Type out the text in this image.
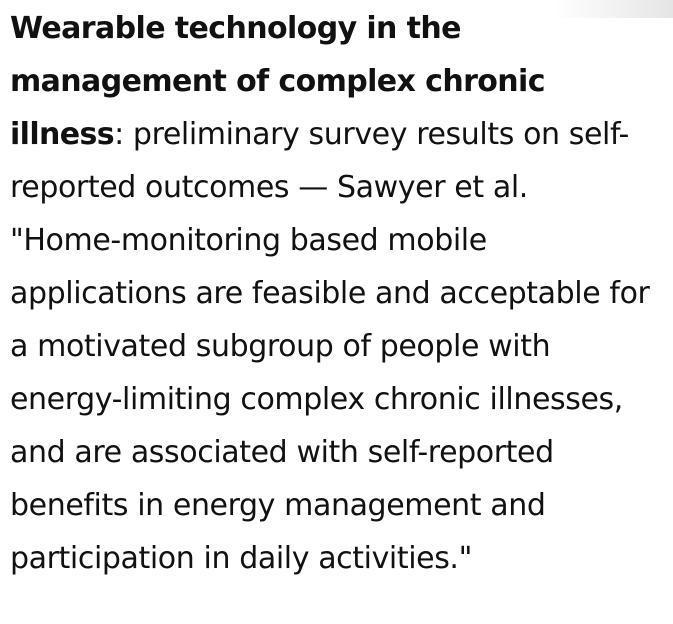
Wearable technology in the management of complex chronic illness: preliminary survey results on self-reported outcomes — Sawyer et al.

"Home-monitoring based mobile applications are feasible and acceptable for a motivated subgroup of people with energy-limiting complex chronic illnesses, and are associated with self-reported benefits in energy management and participation in daily activities."
